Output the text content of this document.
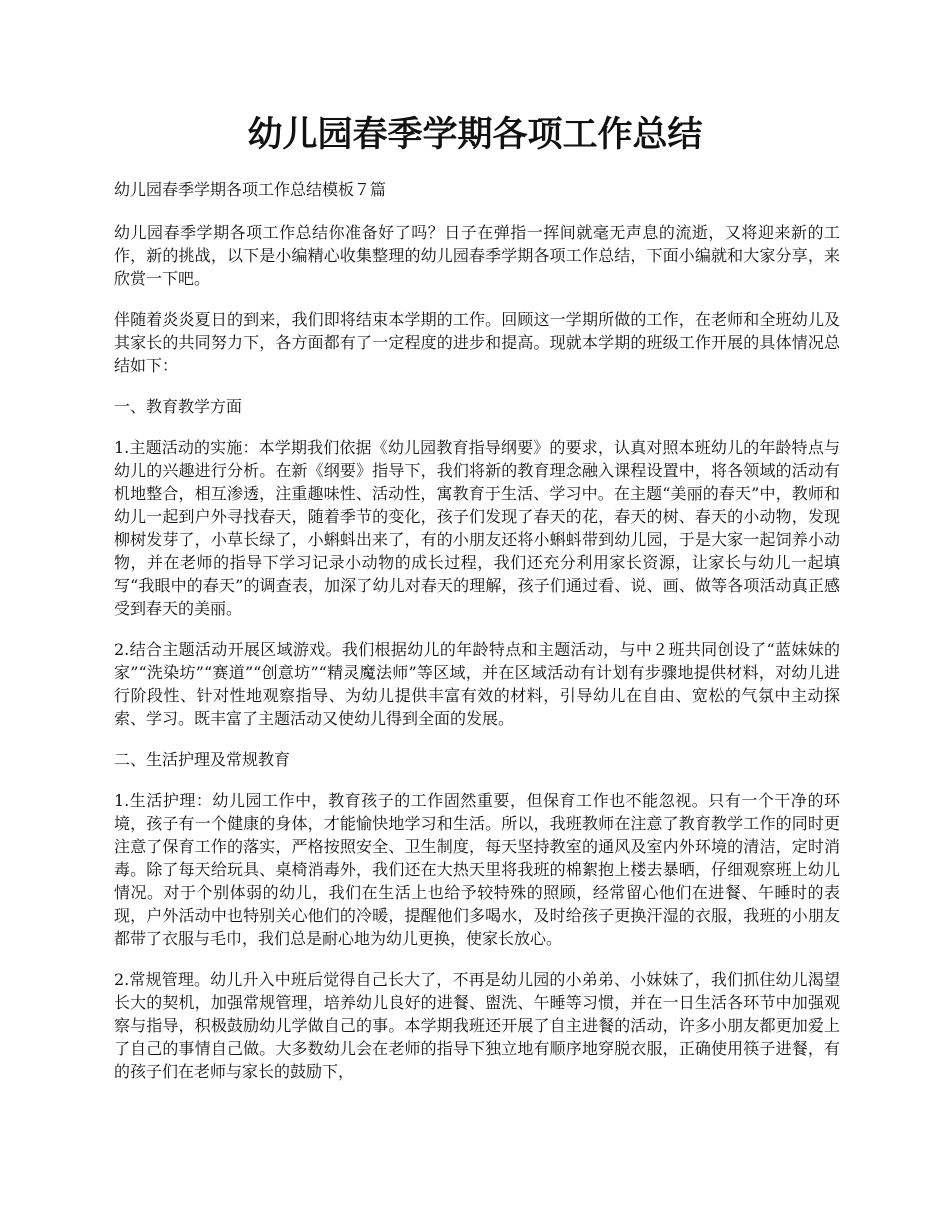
幼儿园春季学期各项工作总结

幼儿园春季学期各项工作总结模板７篇

幼儿园春季学期各项工作总结你准备好了吗？日子在弹指一挥间就毫无声息的流逝，又将迎来新的工作，新的挑战，以下是小编精心收集整理的幼儿园春季学期各项工作总结，下面小编就和大家分享，来欣赏一下吧。

伴随着炎炎夏日的到来，我们即将结束本学期的工作。回顾这一学期所做的工作，在老师和全班幼儿及其家长的共同努力下，各方面都有了一定程度的进步和提高。现就本学期的班级工作开展的具体情况总结如下：

一、教育教学方面

1.主题活动的实施：本学期我们依据《幼儿园教育指导纲要》的要求，认真对照本班幼儿的年龄特点与幼儿的兴趣进行分析。在新《纲要》指导下，我们将新的教育理念融入课程设置中，将各领域的活动有机地整合，相互渗透，注重趣味性、活动性，寓教育于生活、学习中。在主题“美丽的春天”中，教师和幼儿一起到户外寻找春天，随着季节的变化，孩子们发现了春天的花，春天的树、春天的小动物，发现柳树发芽了，小草长绿了，小蝌蚪出来了，有的小朋友还将小蝌蚪带到幼儿园，于是大家一起饲养小动物，并在老师的指导下学习记录小动物的成长过程，我们还充分利用家长资源，让家长与幼儿一起填写“我眼中的春天”的调查表，加深了幼儿对春天的理解，孩子们通过看、说、画、做等各项活动真正感受到春天的美丽。

2.结合主题活动开展区域游戏。我们根据幼儿的年龄特点和主题活动，与中２班共同创设了“蓝妹妹的家”“洗染坊”“赛道”“创意坊”“精灵魔法师”等区域，并在区域活动有计划有步骤地提供材料，对幼儿进行阶段性、针对性地观察指导、为幼儿提供丰富有效的材料，引导幼儿在自由、宽松的气氛中主动探索、学习。既丰富了主题活动又使幼儿得到全面的发展。

二、生活护理及常规教育

1.生活护理：幼儿园工作中，教育孩子的工作固然重要，但保育工作也不能忽视。只有一个干净的环境，孩子有一个健康的身体，才能愉快地学习和生活。所以，我班教师在注意了教育教学工作的同时更注意了保育工作的落实，严格按照安全、卫生制度，每天坚持教室的通风及室内外环境的清洁，定时消毒。除了每天给玩具、桌椅消毒外，我们还在大热天里将我班的棉絮抱上楼去暴晒，仔细观察班上幼儿情况。对于个别体弱的幼儿，我们在生活上也给予较特殊的照顾，经常留心他们在进餐、午睡时的表现，户外活动中也特别关心他们的冷暖，提醒他们多喝水，及时给孩子更换汗湿的衣服，我班的小朋友都带了衣服与毛巾，我们总是耐心地为幼儿更换，使家长放心。

2.常规管理。幼儿升入中班后觉得自己长大了，不再是幼儿园的小弟弟、小妹妹了，我们抓住幼儿渴望长大的契机，加强常规管理，培养幼儿良好的进餐、盥洗、午睡等习惯，并在一日生活各环节中加强观察与指导，积极鼓励幼儿学做自己的事。本学期我班还开展了自主进餐的活动，许多小朋友都更加爱上了自己的事情自己做。大多数幼儿会在老师的指导下独立地有顺序地穿脱衣服，正确使用筷子进餐，有的孩子们在老师与家长的鼓励下，
